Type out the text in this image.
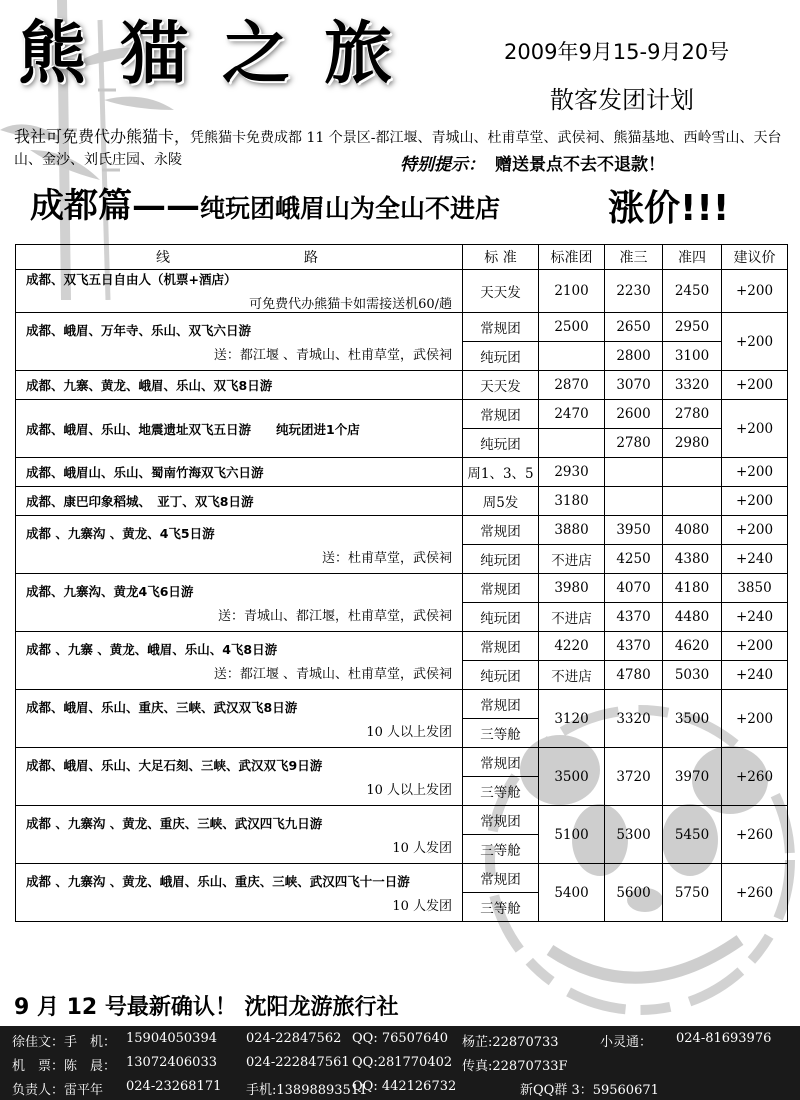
熊猫之旅	2009年9月15-9月20号
散客发团计划
我社可免费代办熊猫卡，凭熊猫卡免费成都 11 个景区-都江堰、青城山、杜甫草堂、武侯祠、熊猫基地、西岭雪山、天台山、金沙、刘氏庄园、永陵	特别提示： 赠送景点不去不退款！
成都篇——纯玩团峨眉山为全山不进店	涨价!!!
线　路	标 准	标准团	准三	准四	建议价

成都、双飞五日自由人（机票+酒店）
可免费代办熊猫卡如需接送机60/趟	天天发	2100	2230	2450	+200

成都、峨眉、万年寺、乐山、双飞六日游
送：都江堰 、青城山、杜甫草堂，武侯祠	常规团	2500	2650	2950	+200
	纯玩团		2800	3100	

成都、九寨、黄龙、峨眉、乐山、双飞8日游	天天发	2870	3070	3320	+200

成都、峨眉、乐山、地震遗址双飞五日游　　纯玩团进1个店	常规团	2470	2600	2780	+200
	纯玩团		2780	2980	

成都、峨眉山、乐山、蜀南竹海双飞六日游	周1、3、5	2930			+200

成都、康巴印象稻城、　亚丁、双飞8日游	周5发	3180			+200

成都 、九寨沟 、黄龙、4飞5日游
送：杜甫草堂，武侯祠	常规团	3880	3950	4080	+200
	纯玩团	不进店	4250	4380	+240

成都、九寨沟、黄龙4飞6日游
送：青城山、都江堰，杜甫草堂，武侯祠	常规团	3980	4070	4180	3850
	纯玩团	不进店	4370	4480	+240

成都 、九寨 、黄龙、峨眉、乐山、4飞8日游
送：都江堰 、青城山、杜甫草堂，武侯祠	常规团	4220	4370	4620	+200
	纯玩团	不进店	4780	5030	+240

成都、峨眉、乐山、重庆、三峡、武汉双飞8日游
10 人以上发团	常规团	3120	3320	3500	+200
	三等舱				

成都、峨眉、乐山、大足石刻、三峡、武汉双飞9日游
10 人以上发团	常规团	3500	3720	3970	+260
	三等舱				

成都 、九寨沟 、黄龙、重庆、三峡、武汉四飞九日游
10 人发团	常规团	5100	5300	5450	+260
	三等舱				

成都 、九寨沟 、黄龙、峨眉、乐山、重庆、三峡、武汉四飞十一日游
10 人发团	常规团	5400	5600	5750	+260
	三等舱				
9 月 12 号最新确认！ 沈阳龙游旅行社
徐佳文：手　机： 15904050394 024-22847562 QQ: 76507640 杨芷:22870733	小灵通： 024-81693976
机　票：陈　晨： 13072406033 024-222847561 QQ:281770402 传真:22870733F
负责人：雷平年 024-23268171 手机:13898893511
QQ: 442126732	新QQ群 3：59560671
